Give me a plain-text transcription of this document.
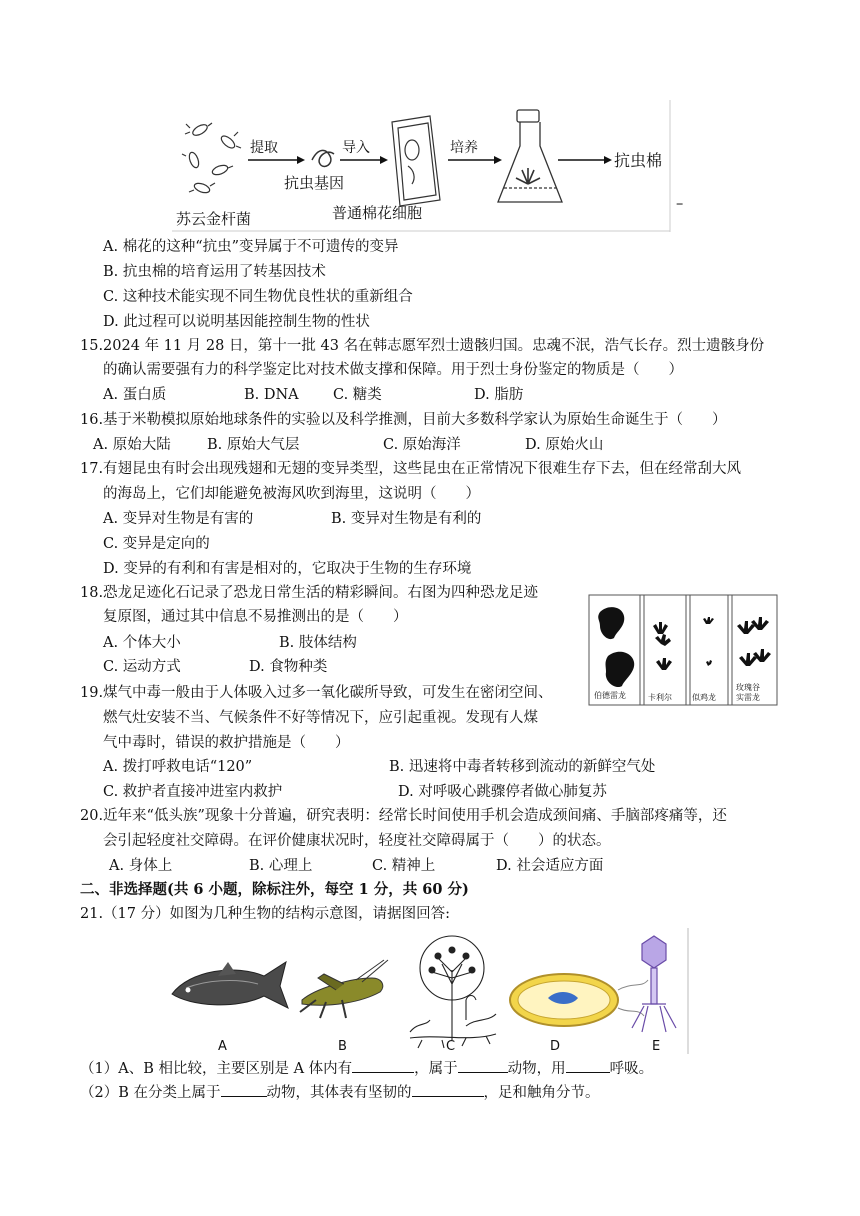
苏云金杆菌
提取
抗虫基因
导入
普通棉花细胞
培养
抗虫棉
–
A. 棉花的这种“抗虫”变异属于不可遗传的变异
B. 抗虫棉的培育运用了转基因技术
C. 这种技术能实现不同生物优良性状的重新组合
D. 此过程可以说明基因能控制生物的性状
15.2024 年 11 月 28 日，第十一批 43 名在韩志愿军烈士遗骸归国。忠魂不泯，浩气长存。烈士遗骸身份
的确认需要强有力的科学鉴定比对技术做支撑和保障。用于烈士身份鉴定的物质是（　　）
A. 蛋白质	B. DNA C. 糖类	D. 脂肪
16.基于米勒模拟原始地球条件的实验以及科学推测，目前大多数科学家认为原始生命诞生于（　　）
A. 原始大陆	B. 原始大气层	C. 原始海洋	D. 原始火山
17.有翅昆虫有时会出现残翅和无翅的变异类型，这些昆虫在正常情况下很难生存下去，但在经常刮大风
的海岛上，它们却能避免被海风吹到海里，这说明（　　）
A. 变异对生物是有害的	B. 变异对生物是有利的
C. 变异是定向的
D. 变异的有利和有害是相对的，它取决于生物的生存环境
18.恐龙足迹化石记录了恐龙日常生活的精彩瞬间。右图为四种恐龙足迹
复原图，通过其中信息不易推测出的是（　　）
A. 个体大小	B. 肢体结构
C. 运动方式	D. 食物种类
伯德雷龙	卡利尔	似鸡龙
玫瑰谷
实雷龙
19.煤气中毒一般由于人体吸入过多一氧化碳所导致，可发生在密闭空间、
燃气灶安装不当、气候条件不好等情况下，应引起重视。发现有人煤
气中毒时，错误的救护措施是（　　）
A. 拨打呼救电话“120”	B. 迅速将中毒者转移到流动的新鲜空气处
C. 救护者直接冲进室内救护	D. 对呼吸心跳骤停者做心肺复苏
20.近年来“低头族”现象十分普遍，研究表明：经常长时间使用手机会造成颈间痛、手脑部疼痛等，还
会引起轻度社交障碍。在评价健康状况时，轻度社交障碍属于（　　）的状态。
A. 身体上	B. 心理上	C. 精神上	D. 社会适应方面
二、非选择题(共 6 小题，除标注外，每空 1 分，共 60 分)
21.（17 分）如图为几种生物的结构示意图，请据图回答:
A	B	C	D	E
（1）A、B 相比较，主要区别是 A 体内有	，属于	动物，用	呼吸。
（2）B 在分类上属于	动物，其体表有坚韧的	，足和触角分节。
